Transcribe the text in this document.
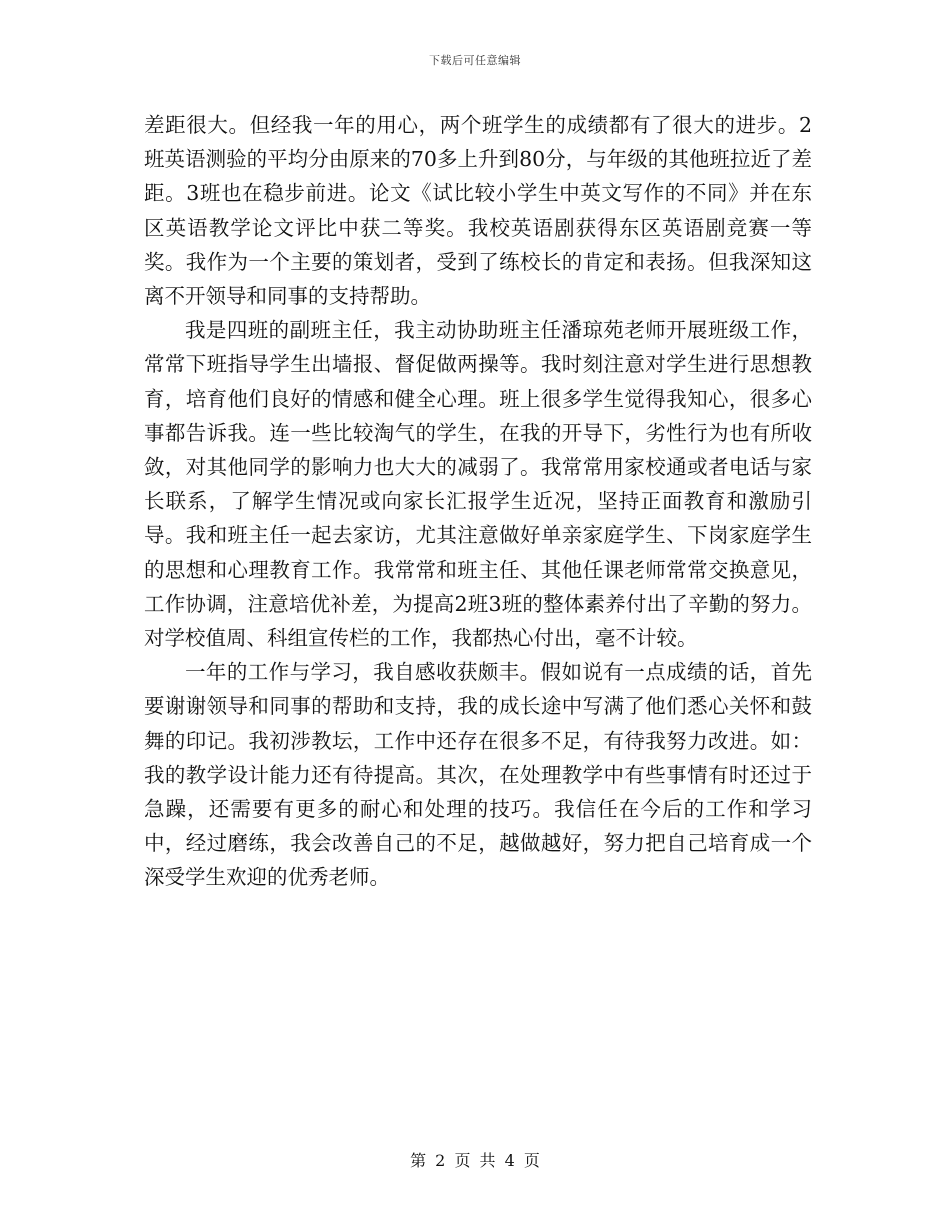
下载后可任意编辑

差距很大。但经我一年的用心，两个班学生的成绩都有了很大的进步。2班英语测验的平均分由原来的70多上升到80分，与年级的其他班拉近了差距。3班也在稳步前进。论文《试比较小学生中英文写作的不同》并在东区英语教学论文评比中获二等奖。我校英语剧获得东区英语剧竞赛一等奖。我作为一个主要的策划者，受到了练校长的肯定和表扬。但我深知这离不开领导和同事的支持帮助。

我是四班的副班主任，我主动协助班主任潘琼苑老师开展班级工作，常常下班指导学生出墙报、督促做两操等。我时刻注意对学生进行思想教育，培育他们良好的情感和健全心理。班上很多学生觉得我知心，很多心事都告诉我。连一些比较淘气的学生，在我的开导下，劣性行为也有所收敛，对其他同学的影响力也大大的减弱了。我常常用家校通或者电话与家长联系，了解学生情况或向家长汇报学生近况，坚持正面教育和激励引导。我和班主任一起去家访，尤其注意做好单亲家庭学生、下岗家庭学生的思想和心理教育工作。我常常和班主任、其他任课老师常常交换意见，工作协调，注意培优补差，为提高2班3班的整体素养付出了辛勤的努力。对学校值周、科组宣传栏的工作，我都热心付出，毫不计较。

一年的工作与学习，我自感收获颇丰。假如说有一点成绩的话，首先要谢谢领导和同事的帮助和支持，我的成长途中写满了他们悉心关怀和鼓舞的印记。我初涉教坛，工作中还存在很多不足，有待我努力改进。如：我的教学设计能力还有待提高。其次，在处理教学中有些事情有时还过于急躁，还需要有更多的耐心和处理的技巧。我信任在今后的工作和学习中，经过磨练，我会改善自己的不足，越做越好，努力把自己培育成一个深受学生欢迎的优秀老师。

第 2 页 共 4 页
